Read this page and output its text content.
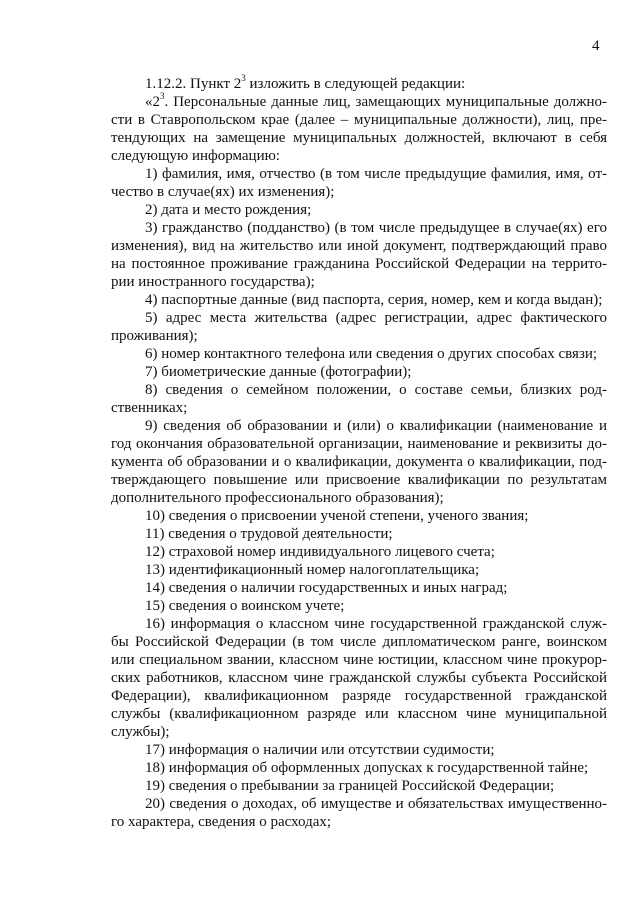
4
1.12.2. Пункт $2^3$ изложить в следующей редакции:
«$2^3$. Персональные данные лиц, замещающих муниципальные должно-
сти в Ставропольском крае (далее – муниципальные должности), лиц, пре-
тендующих на замещение муниципальных должностей, включают в себя
следующую информацию:
1) фамилия, имя, отчество (в том числе предыдущие фамилия, имя, от-
чество в случае(ях) их изменения);
2) дата и место рождения;
3) гражданство (подданство) (в том числе предыдущее в случае(ях) его
изменения), вид на жительство или иной документ, подтверждающий право
на постоянное проживание гражданина Российской Федерации на террито-
рии иностранного государства);
4) паспортные данные (вид паспорта, серия, номер, кем и когда выдан);
5) адрес места жительства (адрес регистрации, адрес фактического
проживания);
6) номер контактного телефона или сведения о других способах связи;
7) биометрические данные (фотографии);
8) сведения о семейном положении, о составе семьи, близких род-
ственниках;
9) сведения об образовании и (или) о квалификации (наименование и
год окончания образовательной организации, наименование и реквизиты до-
кумента об образовании и о квалификации, документа о квалификации, под-
тверждающего повышение или присвоение квалификации по результатам
дополнительного профессионального образования);
10) сведения о присвоении ученой степени, ученого звания;
11) сведения о трудовой деятельности;
12) страховой номер индивидуального лицевого счета;
13) идентификационный номер налогоплательщика;
14) сведения о наличии государственных и иных наград;
15) сведения о воинском учете;
16) информация о классном чине государственной гражданской служ-
бы Российской Федерации (в том числе дипломатическом ранге, воинском
или специальном звании, классном чине юстиции, классном чине прокурор-
ских работников, классном чине гражданской службы субъекта Российской
Федерации), квалификационном разряде государственной гражданской
службы (квалификационном разряде или классном чине муниципальной
службы);
17) информация о наличии или отсутствии судимости;
18) информация об оформленных допусках к государственной тайне;
19) сведения о пребывании за границей Российской Федерации;
20) сведения о доходах, об имуществе и обязательствах имущественно-
го характера, сведения о расходах;
